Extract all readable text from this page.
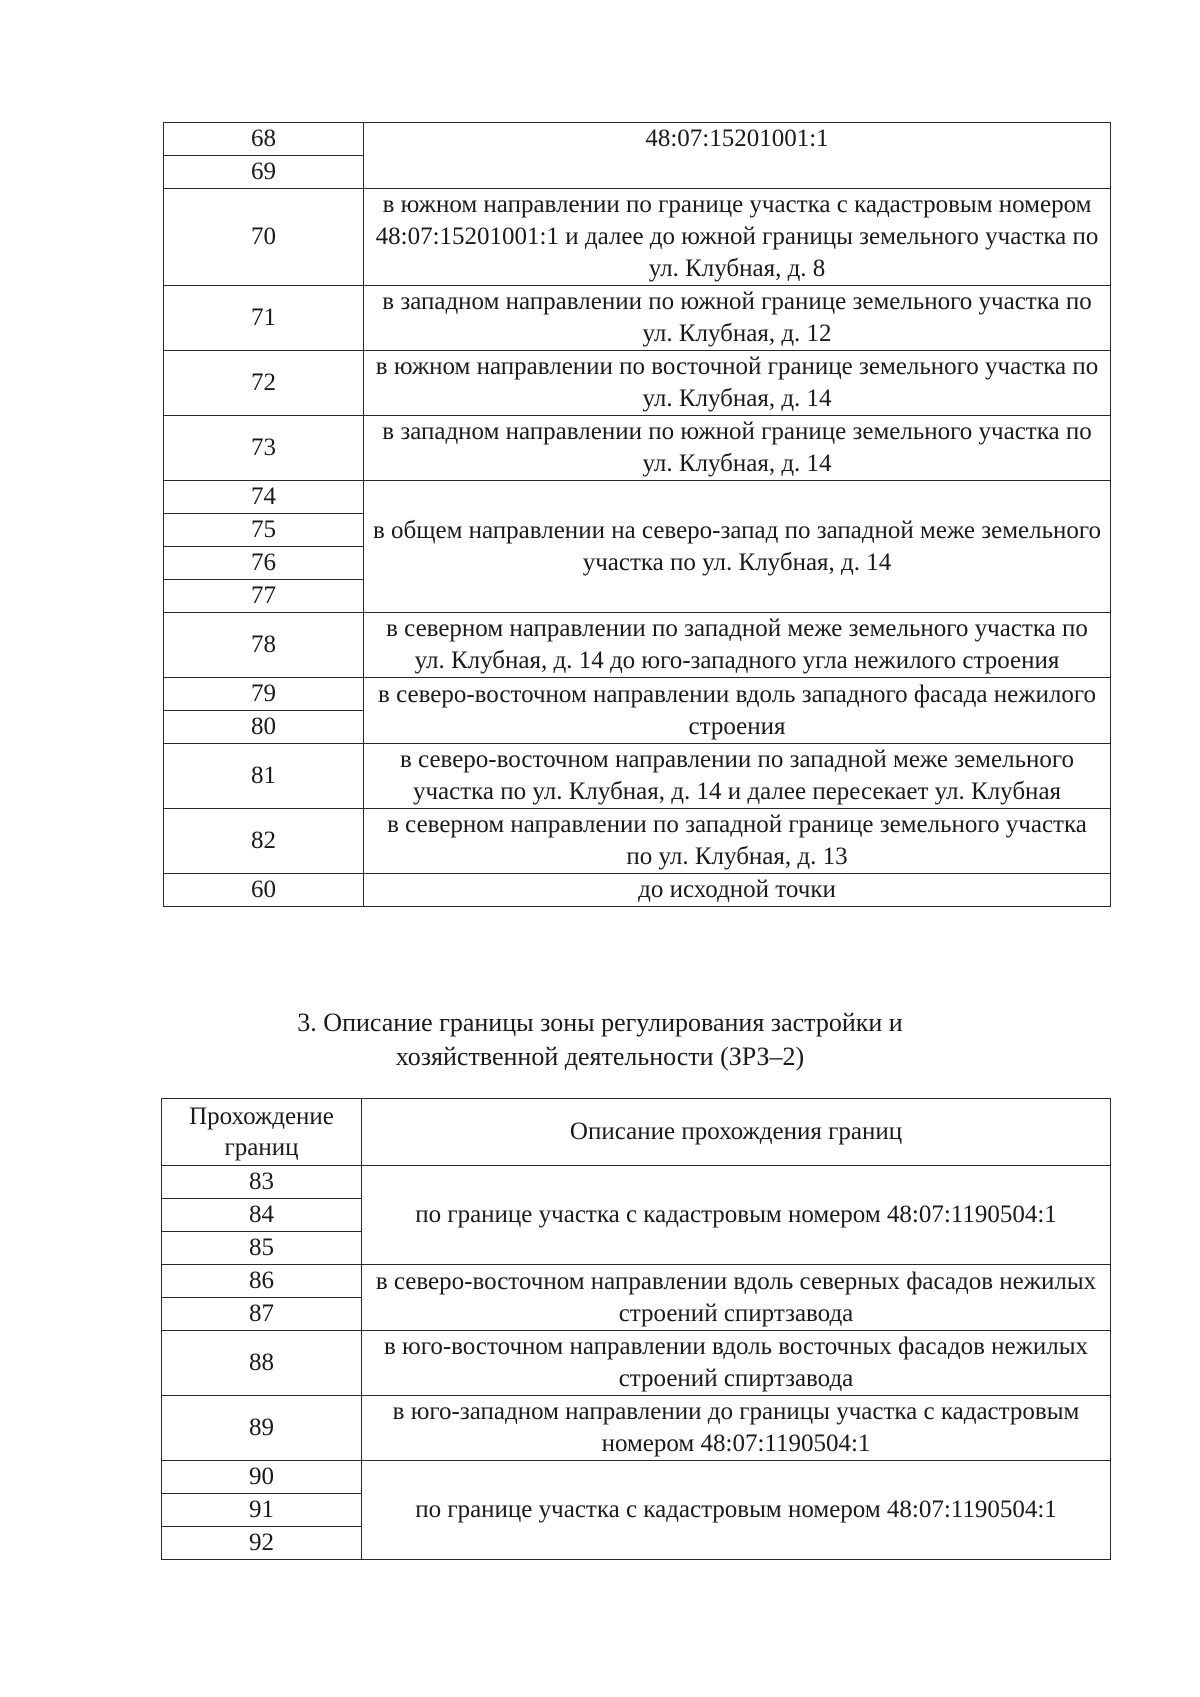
68	48:07:15201001:1
69	
70	в южном направлении по границе участка с кадастровым номером 48:07:15201001:1 и далее до южной границы земельного участка по ул. Клубная, д. 8
71	в западном направлении по южной границе земельного участка по ул. Клубная, д. 12
72	в южном направлении по восточной границе земельного участка по ул. Клубная, д. 14
73	в западном направлении по южной границе земельного участка по ул. Клубная, д. 14
74	в общем направлении на северо-запад по западной меже земельного участка по ул. Клубная, д. 14
75	
76	
77	
78	в северном направлении по западной меже земельного участка по ул. Клубная, д. 14 до юго-западного угла нежилого строения
79	в северо-восточном направлении вдоль западного фасада нежилого строения
80	
81	в северо-восточном направлении по западной меже земельного участка по ул. Клубная, д. 14 и далее пересекает ул. Клубная
82	в северном направлении по западной границе земельного участка по ул. Клубная, д. 13
60	до исходной точки
3. Описание границы зоны регулирования застройки и
хозяйственной деятельности (ЗРЗ–2)
Прохождение границ	Описание прохождения границ
83	по границе участка с кадастровым номером 48:07:1190504:1
84	
85	
86	в северо-восточном направлении вдоль северных фасадов нежилых строений спиртзавода
87	
88	в юго-восточном направлении вдоль восточных фасадов нежилых строений спиртзавода
89	в юго-западном направлении до границы участка с кадастровым номером 48:07:1190504:1
90	по границе участка с кадастровым номером 48:07:1190504:1
91	
92	
